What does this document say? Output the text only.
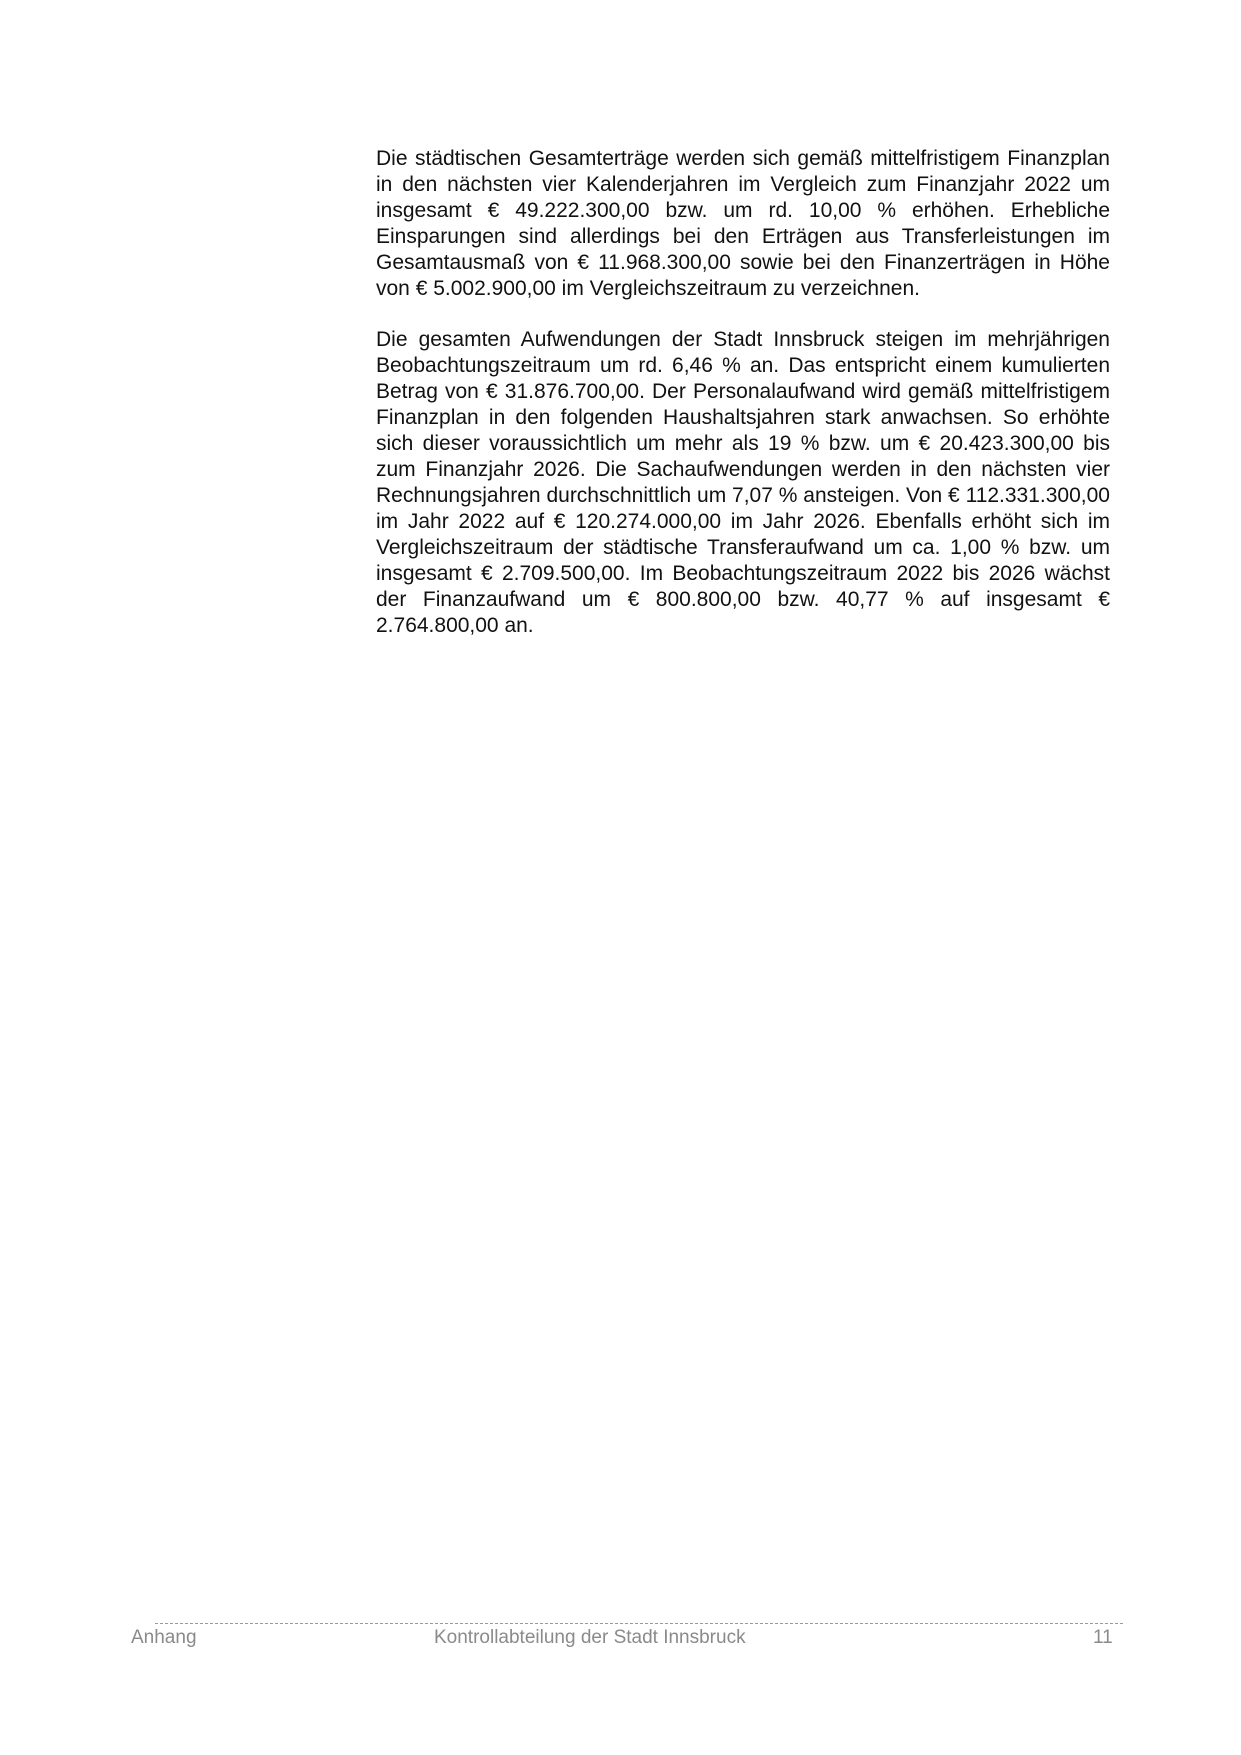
Die städtischen Gesamterträge werden sich gemäß mittelfristigem Finanzplan in den nächsten vier Kalenderjahren im Vergleich zum Finanzjahr 2022 um insgesamt € 49.222.300,00 bzw. um rd. 10,00 % erhöhen. Erhebliche Einsparungen sind allerdings bei den Erträgen aus Transferleistungen im Gesamtausmaß von € 11.968.300,00 sowie bei den Finanzerträgen in Höhe von € 5.002.900,00 im Vergleichszeitraum zu verzeichnen.

Die gesamten Aufwendungen der Stadt Innsbruck steigen im mehrjährigen Beobachtungszeitraum um rd. 6,46 % an. Das entspricht einem kumulierten Betrag von € 31.876.700,00. Der Personalaufwand wird gemäß mittelfristigem Finanzplan in den folgenden Haushaltsjahren stark anwachsen. So erhöhte sich dieser voraussichtlich um mehr als 19 % bzw. um € 20.423.300,00 bis zum Finanzjahr 2026. Die Sachaufwendungen werden in den nächsten vier Rechnungsjahren durchschnittlich um 7,07 % ansteigen. Von € 112.331.300,00 im Jahr 2022 auf € 120.274.000,00 im Jahr 2026. Ebenfalls erhöht sich im Vergleichszeitraum der städtische Transferaufwand um ca. 1,00 % bzw. um insgesamt € 2.709.500,00. Im Beobachtungszeitraum 2022 bis 2026 wächst der Finanzaufwand um € 800.800,00 bzw. 40,77 % auf insgesamt € 2.764.800,00 an.

Anhang	Kontrollabteilung der Stadt Innsbruck	11
